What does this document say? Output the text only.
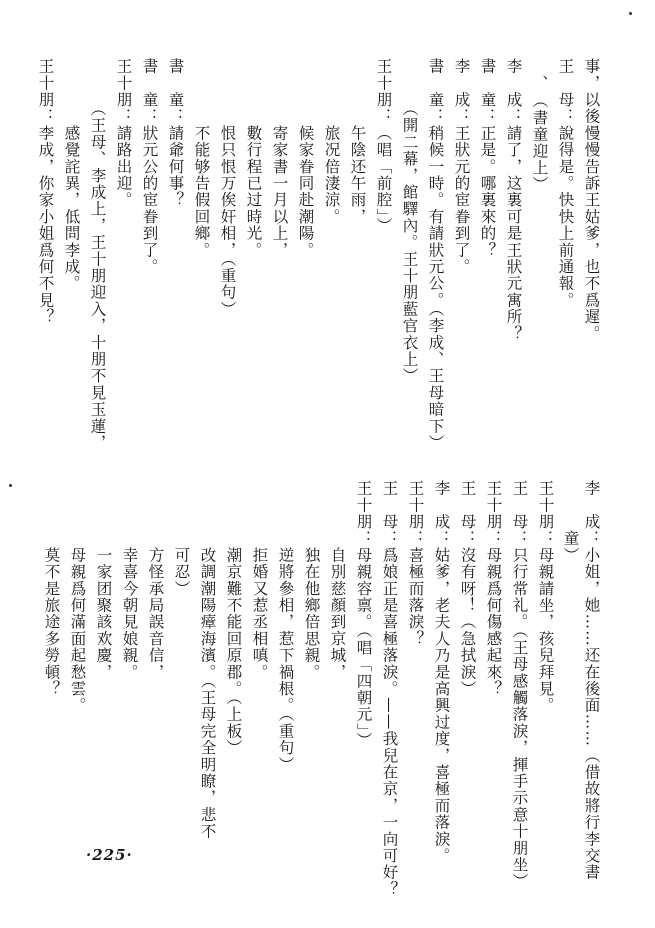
李　成：小姐，她……还在後面……（借故將行李交書
　　　童）
王十朋：母親請坐，孩兒拜見。
王　母：只行常礼。（王母感觸落淚，揮手示意十朋坐）
王十朋：母親爲何傷感起來？
王　母：沒有呀！（急拭淚）
李　成：姑爹，老夫人乃是高興过度，喜極而落淚。
王十朋：喜極而落淚？
王　母：爲娘正是喜極落淚。——我兒在京，一向可好？
王十朋：母親容禀。（唱「四朝元」）
　　　　自別慈顏到京城，
　　　　独在他鄉倍思親。
　　　　逆將參相，惹下禍根。（重句）
　　　　拒婚又惹丞相嗔。
　　　　潮京難不能回原郡。（上板）
　　　　改調潮陽瘴海濱。（王母完全明瞭，悲不
　　　　可忍）
　　　　方怪承局誤音信，
　　　　幸喜今朝見娘親。
　　　　一家团聚該欢慶，
　　　　母親爲何滿面起愁雲。
　　　　莫不是旅途多勞頓？
事，以後慢慢告訴王姑爹，也不爲遲。
王　母：說得是。快快上前通報。
　、　（書童迎上）
李　成：請了，这裏可是王狀元寓所？
書　童：正是。哪裏來的？
李　成：王狀元的宦眷到了。
書　童：稍候一時。有請狀元公。（李成、王母暗下）
　　　（開二幕，館驛內。王十朋藍官衣上）
王十朋：（唱「前腔」）
　　　　午陰还午雨，
　　　　旅况倍淒涼。
　　　　候家眷同赴潮陽。
　　　　寄家書一月以上，
　　　　數行程已过時光。
　　　　恨只恨万俟奸相，（重句）
　　　　不能够告假回鄉。
書　童：請爺何事？
書　童：狀元公的宦眷到了。
王十朋：請路出迎。
　　　（王母、李成上，王十朋迎入，十朋不見玉蓮，
　　　　感覺詫異，低問李成。
王十朋：李成，你家小姐爲何不見？
·225·
